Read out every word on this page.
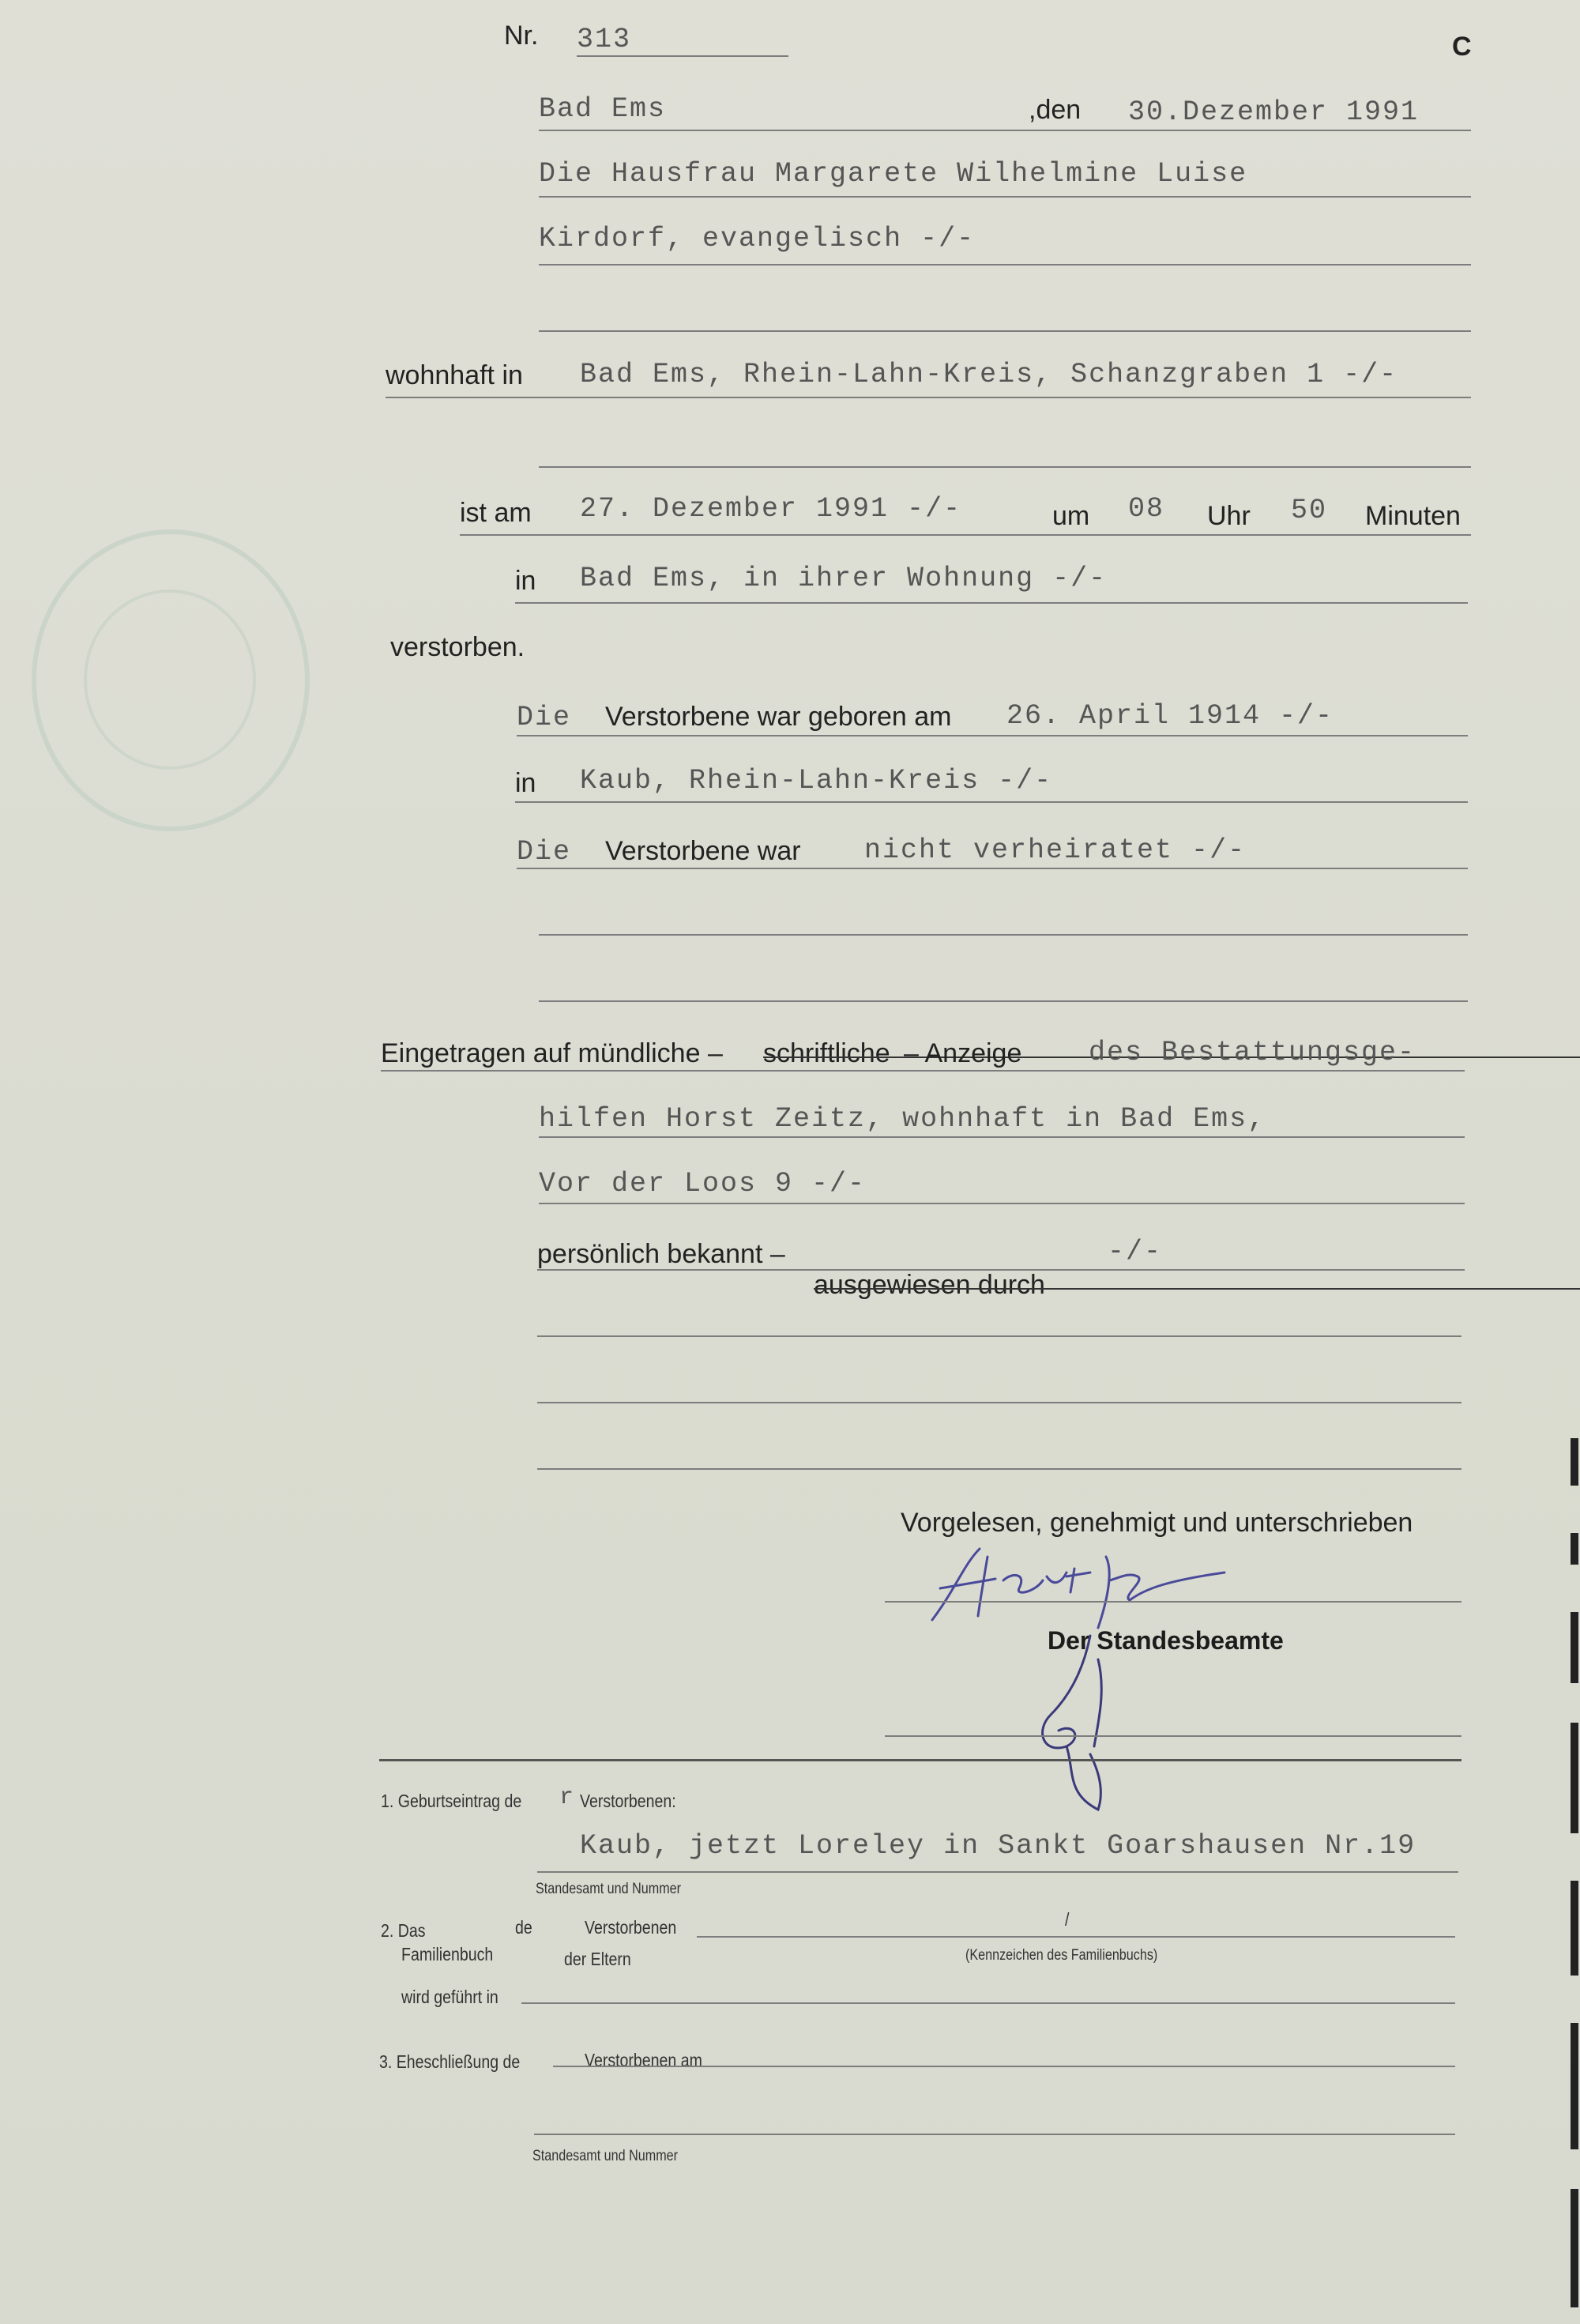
Nr. 313	C
Bad Ems	,den 30.Dezember 1991
Die Hausfrau Margarete Wilhelmine Luise
Kirdorf, evangelisch -/-
wohnhaft in Bad Ems, Rhein-Lahn-Kreis, Schanzgraben 1 -/-
ist am 27. Dezember 1991 -/-	um 08 Uhr 50 Minuten
in Bad Ems, in ihrer Wohnung -/-
verstorben.
Die Verstorbene war geboren am 26. April 1914 -/-
in Kaub, Rhein-Lahn-Kreis -/-
Die Verstorbene war nicht verheiratet -/-
Eingetragen auf mündliche – schriftliche – Anzeige des Bestattungsge-
hilfen Horst Zeitz, wohnhaft in Bad Ems,
Vor der Loos 9 -/-
persönlich bekannt –
ausgewiesen durch
-/-
Vorgelesen, genehmigt und unterschrieben
Der Standesbeamte
1. Geburtseintrag de r Verstorbenen:
Kaub, jetzt Loreley in Sankt Goarshausen Nr.19
Standesamt und Nummer
2. Das
Familienbuch
de	Verstorbenen
der Eltern
/
(Kennzeichen des Familienbuchs)
wird geführt in
3. Eheschließung de	Verstorbenen am
Standesamt und Nummer
